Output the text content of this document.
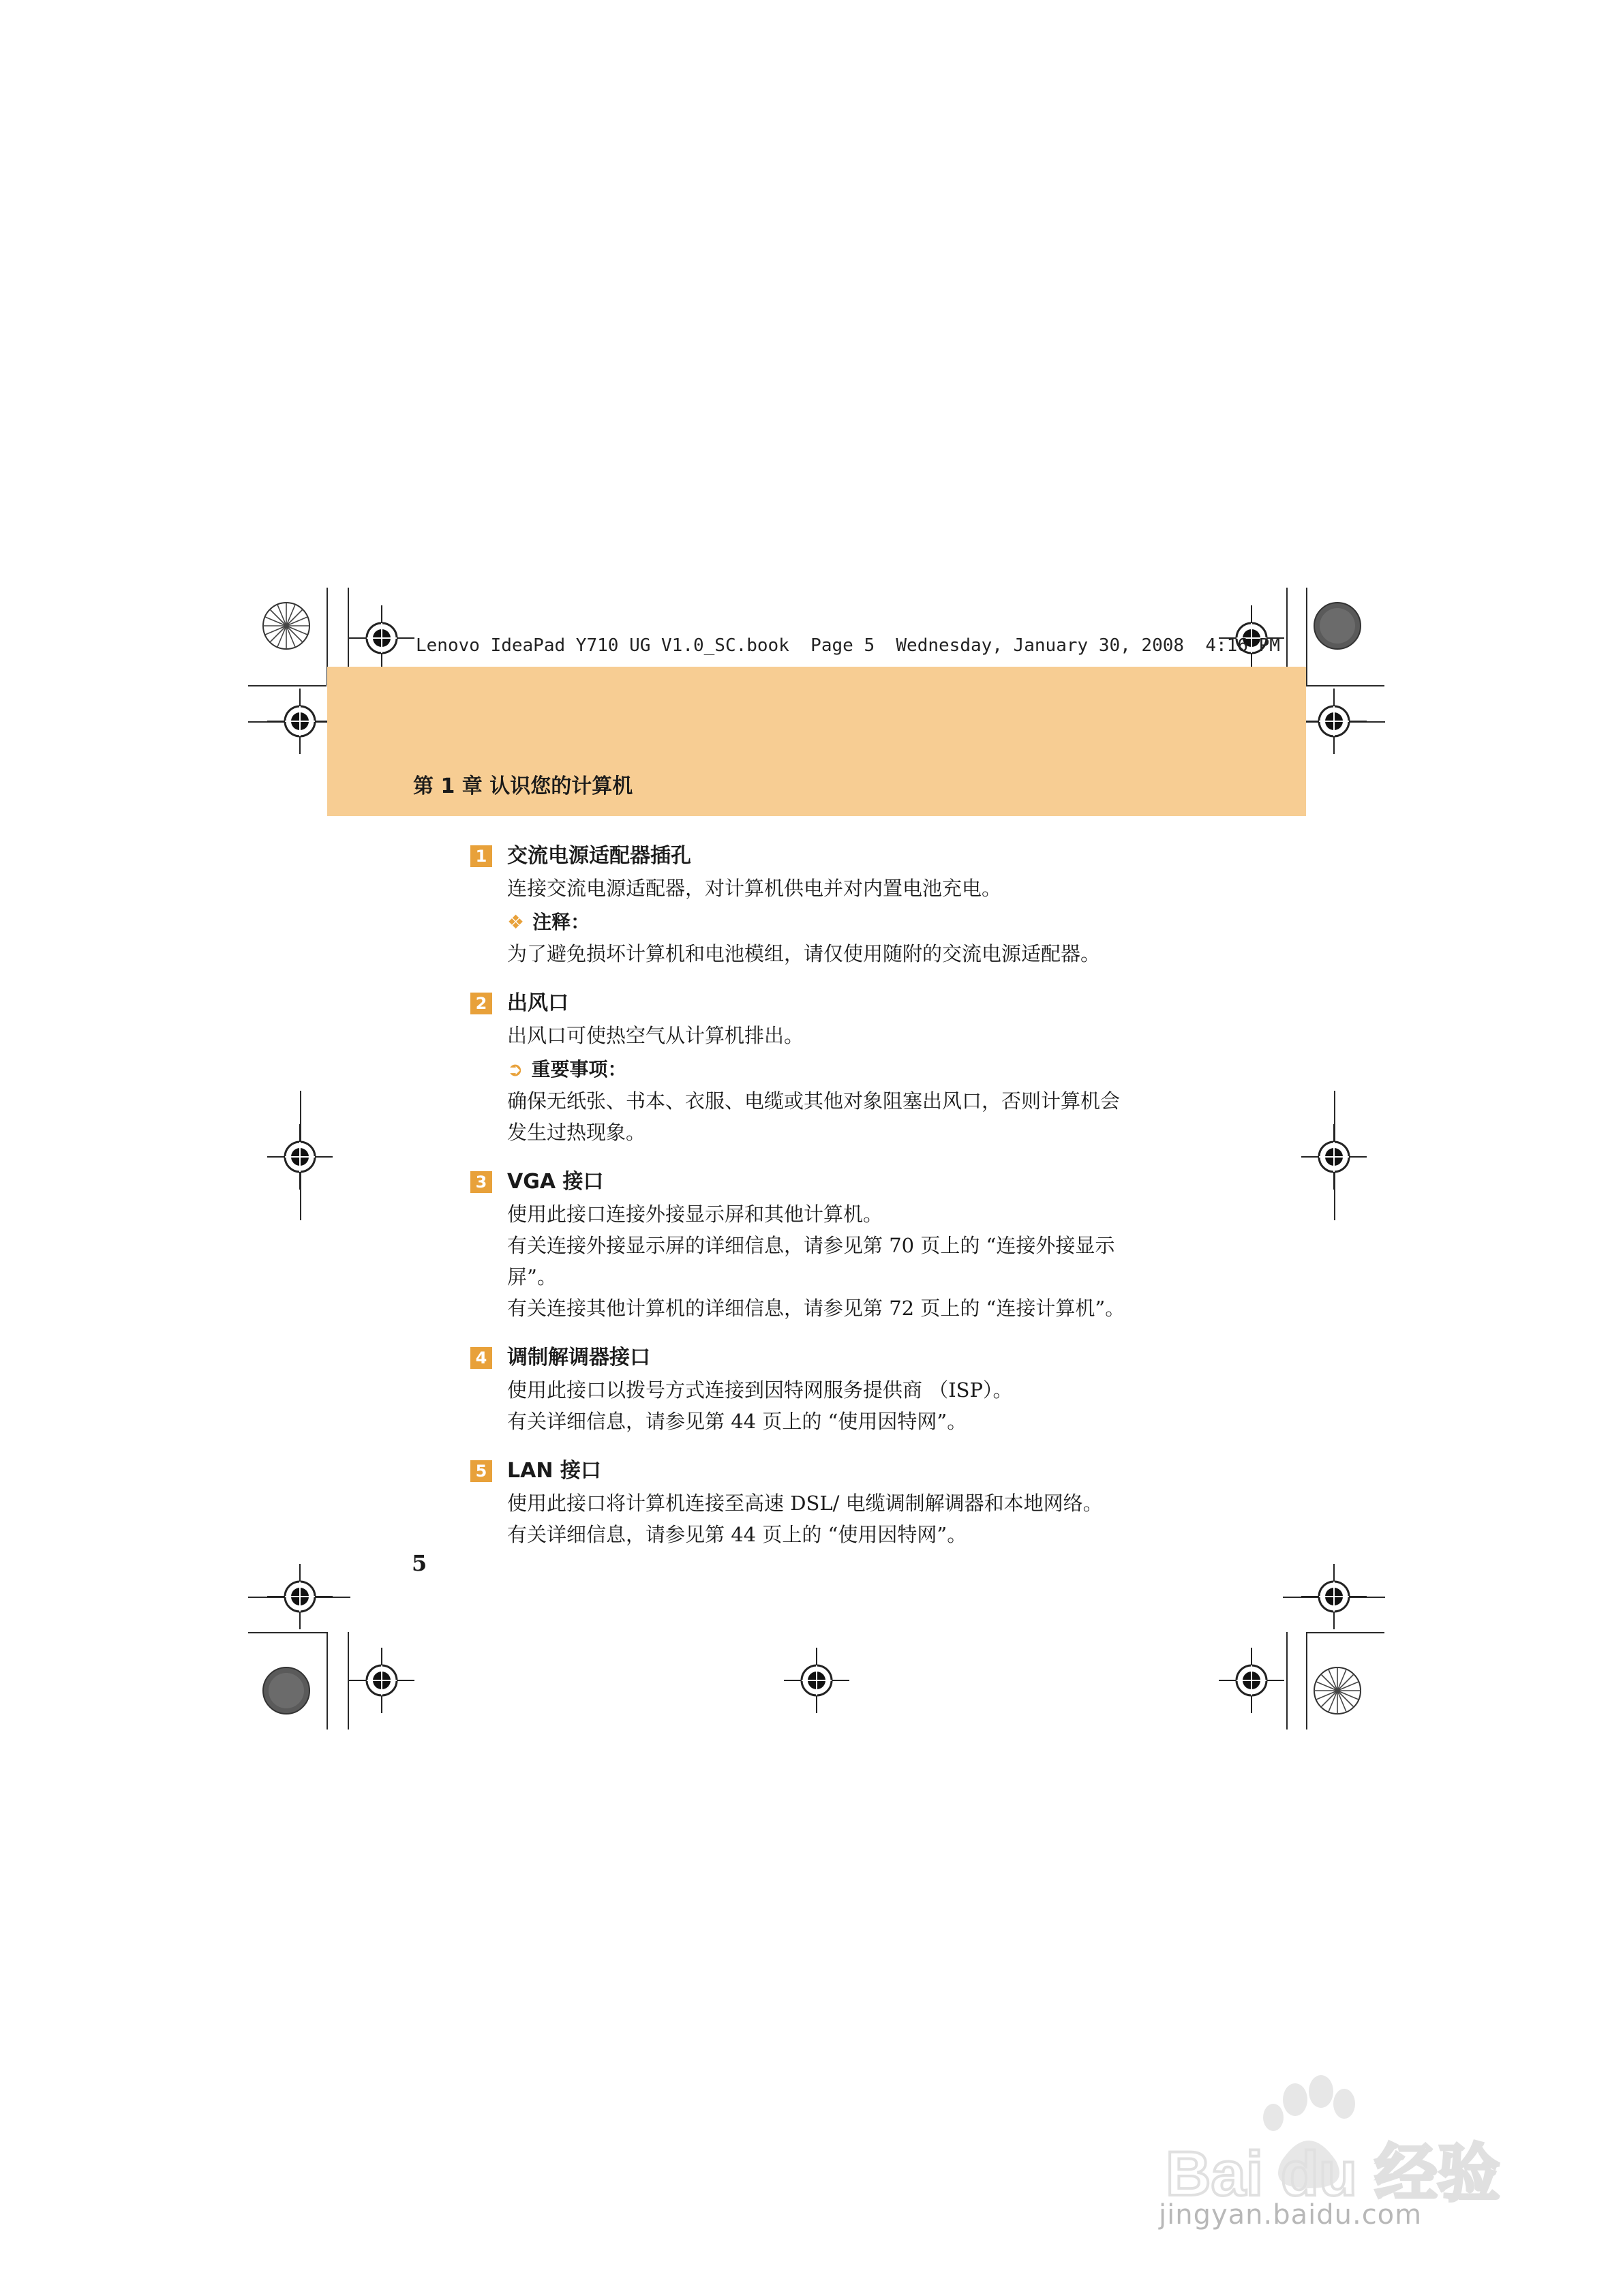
Lenovo IdeaPad Y710 UG V1.0_SC.book  Page 5  Wednesday, January 30, 2008  4:16 PM
第 1 章 认识您的计算机
1 交流电源适配器插孔
连接交流电源适配器，对计算机供电并对内置电池充电。
❖ 注释：
为了避免损坏计算机和电池模组，请仅使用随附的交流电源适配器。
2 出风口
出风口可使热空气从计算机排出。
➲ 重要事项：
确保无纸张、书本、衣服、电缆或其他对象阻塞出风口，否则计算机会
发生过热现象。
3 VGA 接口
使用此接口连接外接显示屏和其他计算机。
有关连接外接显示屏的详细信息，请参见第 70 页上的 “连接外接显示
屏”。
有关连接其他计算机的详细信息，请参见第 72 页上的 “连接计算机”。
4 调制解调器接口
使用此接口以拨号方式连接到因特网服务提供商 （ISP）。
有关详细信息，请参见第 44 页上的 “使用因特网”。
5 LAN 接口
使用此接口将计算机连接至高速 DSL/ 电缆调制解调器和本地网络。
有关详细信息，请参见第 44 页上的 “使用因特网”。
5
Bai du 经验
jingyan.baidu.com
